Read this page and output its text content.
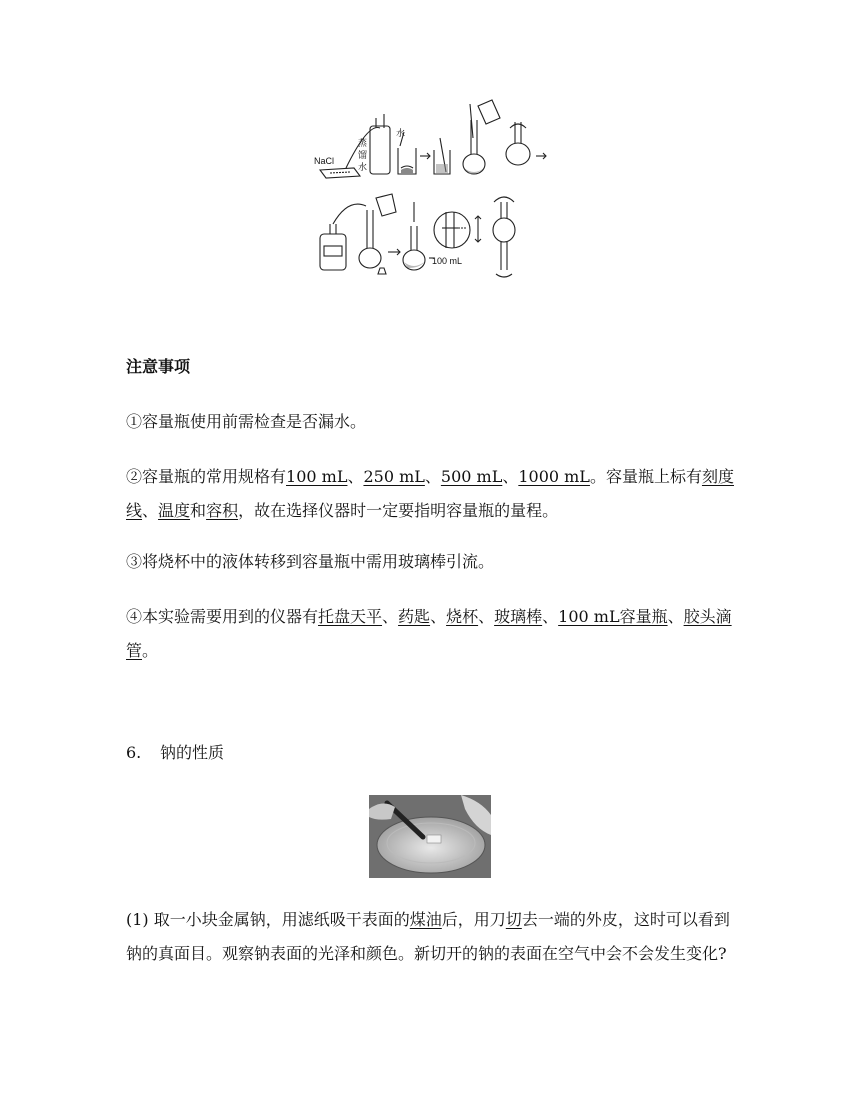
NaCl
水
蒸
馏
水
100 mL
注意事项
①容量瓶使用前需检查是否漏水。
②容量瓶的常用规格有100 mL、250 mL、500 mL、1000 mL。容量瓶上标有刻度线、温度和容积，故在选择仪器时一定要指明容量瓶的量程。
③将烧杯中的液体转移到容量瓶中需用玻璃棒引流。
④本实验需要用到的仪器有托盘天平、药匙、烧杯、玻璃棒、100 mL容量瓶、胶头滴管。
6. 钠的性质
(1) 取一小块金属钠，用滤纸吸干表面的煤油后，用刀切去一端的外皮，这时可以看到钠的真面目。观察钠表面的光泽和颜色。新切开的钠的表面在空气中会不会发生变化?
